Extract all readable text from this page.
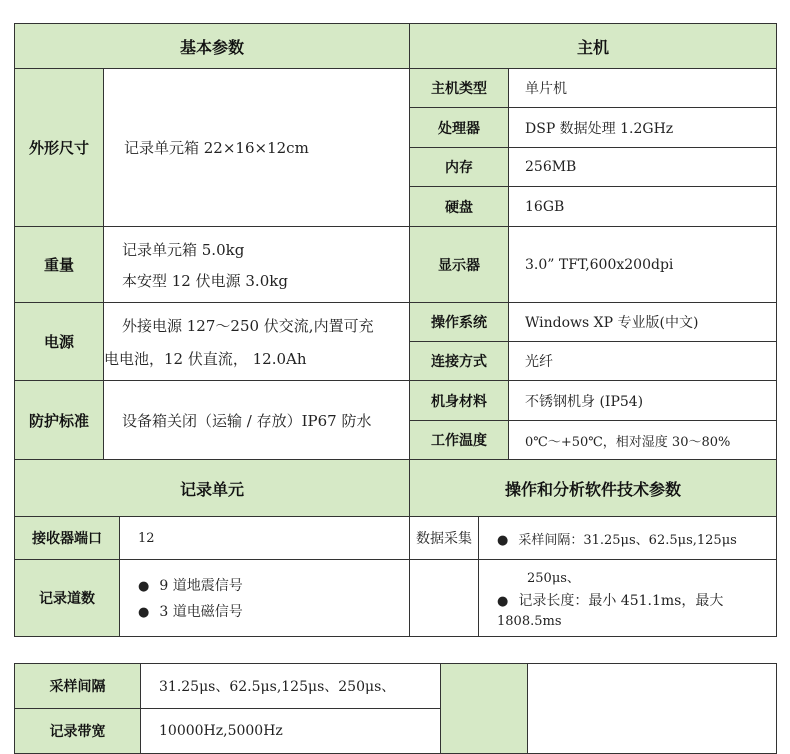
基本参数	主机
外形尺寸 记录单元箱 22×16×12cm
重量
记录单元箱 5.0kg
本安型 12 伏电源 3.0kg
电源
外接电源 127～250 伏交流,内置可充
电电池，12 伏直流， 12.0Ah
防护标准 设备箱关闭（运输 / 存放）IP67 防水
主机类型	单片机
处理器	DSP 数据处理 1.2GHz
内存	256MB
硬盘	16GB
显示器	3.0” TFT,600x200dpi
操作系统	Windows XP 专业版(中文)
连接方式	光纤
机身材料	不锈钢机身 (IP54)
工作温度	0℃～+50℃，相对湿度 30～80%
记录单元	操作和分析软件技术参数
接收器端口	12
记录道数
● 9 道地震信号
● 3 道电磁信号
数据采集
●	采样间隔：31.25μs、62.5μs,125μs
250μs、
● 记录长度：最小 451.1ms，最大
1808.5ms
采样间隔	31.25μs、62.5μs,125μs、250μs、
记录带宽	10000Hz,5000Hz
